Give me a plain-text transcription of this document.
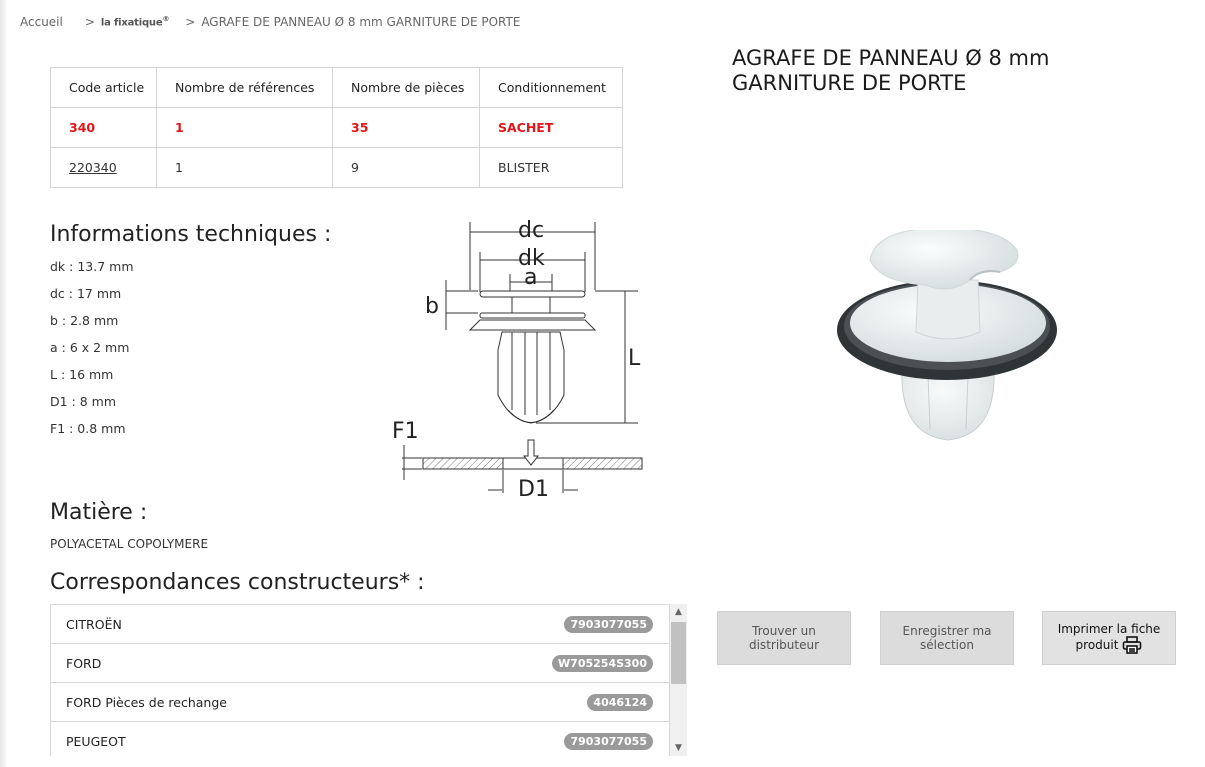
Accueil > la fixatique® > AGRAFE DE PANNEAU Ø 8 mm GARNITURE DE PORTE
Code article	Nombre de références	Nombre de pièces	Conditionnement
340	1	35	SACHET
220340	1	9	BLISTER
AGRAFE DE PANNEAU Ø 8 mm
GARNITURE DE PORTE
Informations techniques :
dk : 13.7 mm
dc : 17 mm
b : 2.8 mm
a : 6 x 2 mm
L : 16 mm
D1 : 8 mm
F1 : 0.8 mm
dc
dk
a
b
L
F1
D1
Matière :
POLYACETAL COPOLYMERE
Correspondances constructeurs* :
CITROËN	7903077055
FORD	W705254S300
FORD Pièces de rechange	4046124
PEUGEOT	7903077055
▲
▼
Trouver un
distributeur
Enregistrer ma
sélection
Imprimer la fiche
produit
